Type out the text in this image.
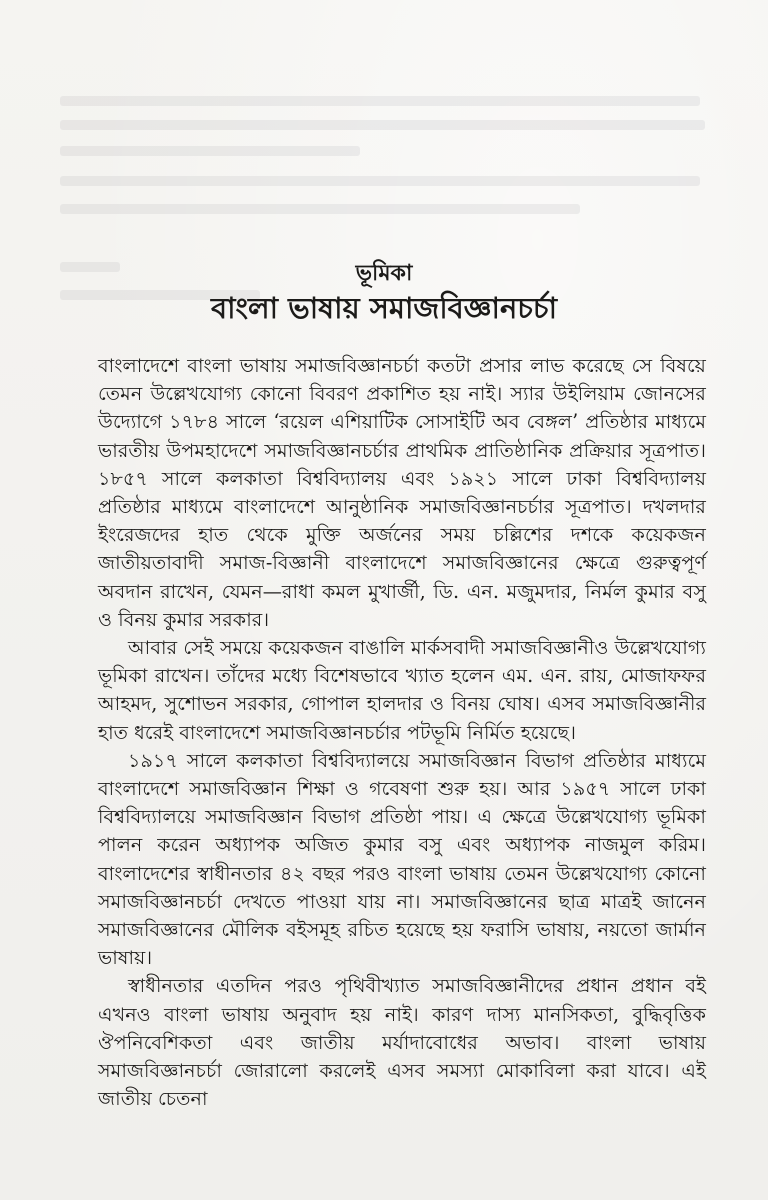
ভূমিকা
বাংলা ভাষায় সমাজবিজ্ঞানচর্চা

বাংলাদেশে বাংলা ভাষায় সমাজবিজ্ঞানচর্চা কতটা প্রসার লাভ করেছে সে বিষয়ে তেমন উল্লেখযোগ্য কোনো বিবরণ প্রকাশিত হয় নাই। স্যার উইলিয়াম জোনসের উদ্যোগে ১৭৮৪ সালে ‘রয়েল এশিয়াটিক সোসাইটি অব বেঙ্গল’ প্রতিষ্ঠার মাধ্যমে ভারতীয় উপমহাদেশে সমাজবিজ্ঞানচর্চার প্রাথমিক প্রাতিষ্ঠানিক প্রক্রিয়ার সূত্রপাত। ১৮৫৭ সালে কলকাতা বিশ্ববিদ্যালয় এবং ১৯২১ সালে ঢাকা বিশ্ববিদ্যালয় প্রতিষ্ঠার মাধ্যমে বাংলাদেশে আনুষ্ঠানিক সমাজবিজ্ঞানচর্চার সূত্রপাত। দখলদার ইংরেজদের হাত থেকে মুক্তি অর্জনের সময় চল্লিশের দশকে কয়েকজন জাতীয়তাবাদী সমাজ-বিজ্ঞানী বাংলাদেশে সমাজবিজ্ঞানের ক্ষেত্রে গুরুত্বপূর্ণ অবদান রাখেন, যেমন—রাধা কমল মুখার্জী, ডি. এন. মজুমদার, নির্মল কুমার বসু ও বিনয় কুমার সরকার।

আবার সেই সময়ে কয়েকজন বাঙালি মার্কসবাদী সমাজবিজ্ঞানীও উল্লেখযোগ্য ভূমিকা রাখেন। তাঁদের মধ্যে বিশেষভাবে খ্যাত হলেন এম. এন. রায়, মোজাফফর আহমদ, সুশোভন সরকার, গোপাল হালদার ও বিনয় ঘোষ। এসব সমাজবিজ্ঞানীর হাত ধরেই বাংলাদেশে সমাজবিজ্ঞানচর্চার পটভূমি নির্মিত হয়েছে।

১৯১৭ সালে কলকাতা বিশ্ববিদ্যালয়ে সমাজবিজ্ঞান বিভাগ প্রতিষ্ঠার মাধ্যমে বাংলাদেশে সমাজবিজ্ঞান শিক্ষা ও গবেষণা শুরু হয়। আর ১৯৫৭ সালে ঢাকা বিশ্ববিদ্যালয়ে সমাজবিজ্ঞান বিভাগ প্রতিষ্ঠা পায়। এ ক্ষেত্রে উল্লেখযোগ্য ভূমিকা পালন করেন অধ্যাপক অজিত কুমার বসু এবং অধ্যাপক নাজমুল করিম। বাংলাদেশের স্বাধীনতার ৪২ বছর পরও বাংলা ভাষায় তেমন উল্লেখযোগ্য কোনো সমাজবিজ্ঞানচর্চা দেখতে পাওয়া যায় না। সমাজবিজ্ঞানের ছাত্র মাত্রই জানেন সমাজবিজ্ঞানের মৌলিক বইসমূহ রচিত হয়েছে হয় ফরাসি ভাষায়, নয়তো জার্মান ভাষায়।

স্বাধীনতার এতদিন পরও পৃথিবীখ্যাত সমাজবিজ্ঞানীদের প্রধান প্রধান বই এখনও বাংলা ভাষায় অনুবাদ হয় নাই। কারণ দাস্য মানসিকতা, বুদ্ধিবৃত্তিক ঔপনিবেশিকতা এবং জাতীয় মর্যাদাবোধের অভাব। বাংলা ভাষায় সমাজবিজ্ঞানচর্চা জোরালো করলেই এসব সমস্যা মোকাবিলা করা যাবে। এই জাতীয় চেতনা
